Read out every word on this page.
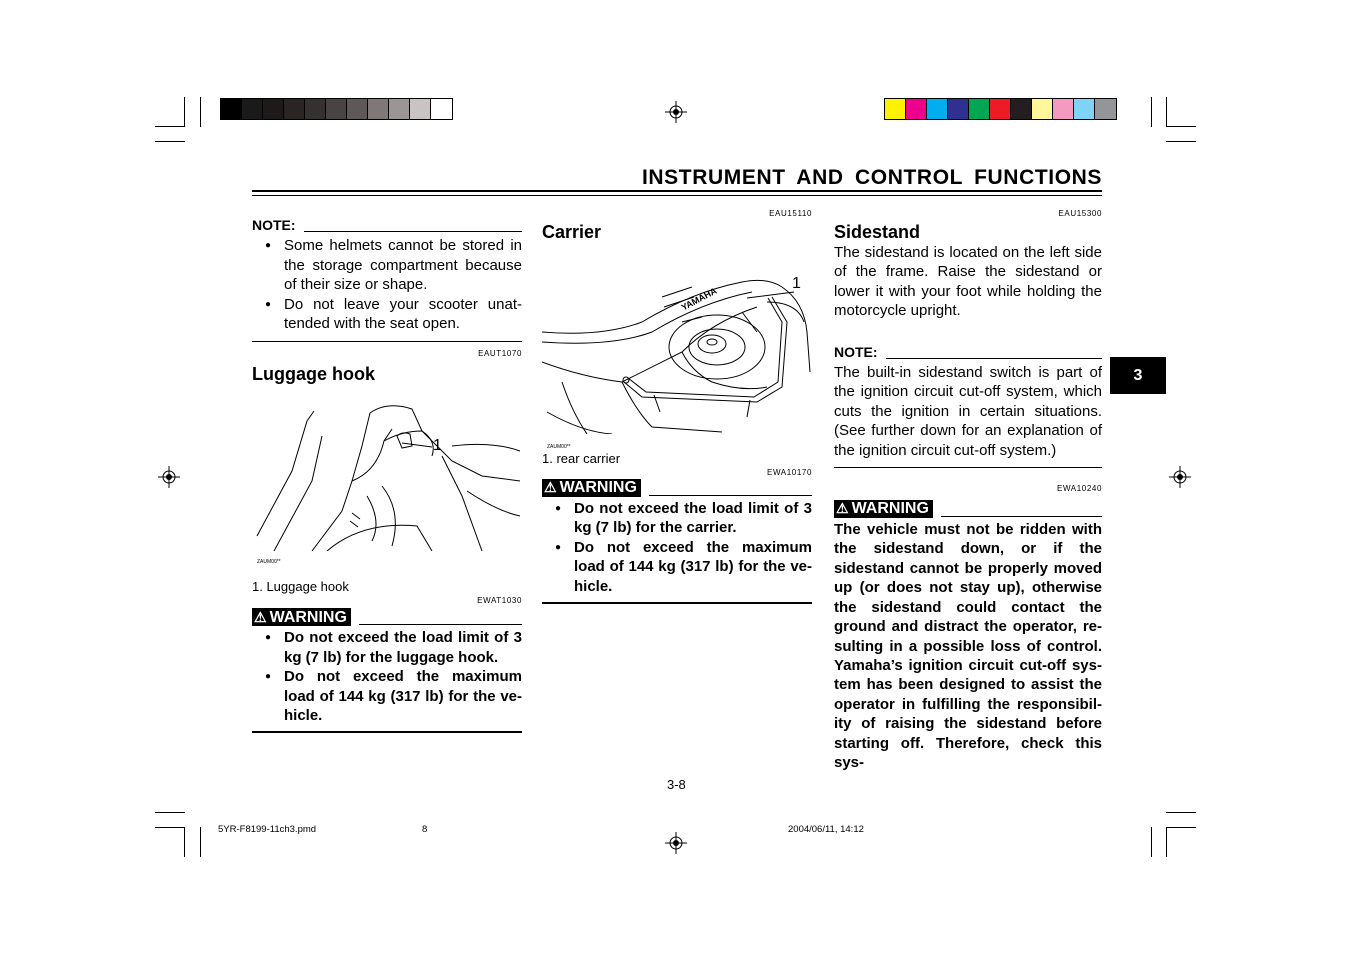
INSTRUMENT AND CONTROL FUNCTIONS
3
NOTE:
● Some helmets cannot be stored in the storage compartment because of their size or shape.
● Do not leave your scooter unat-tended with the seat open.
EAUT1070
Luggage hook
1
ZAUM00**
1. Luggage hook
EWAT1030
⚠ WARNING
● Do not exceed the load limit of 3 kg (7 lb) for the luggage hook.
● Do not exceed the maximum load of 144 kg (317 lb) for the ve-hicle.
EAU15110
Carrier
YAMAHA
1
ZAUM00**
1. rear carrier
EWA10170
⚠ WARNING
● Do not exceed the load limit of 3 kg (7 lb) for the carrier.
● Do not exceed the maximum load of 144 kg (317 lb) for the ve-hicle.
EAU15300
Sidestand

The sidestand is located on the left side of the frame. Raise the sidestand or lower it with your foot while holding the motorcycle upright.

NOTE:

The built-in sidestand switch is part of the ignition circuit cut-off system, which cuts the ignition in certain situations. (See further down for an explanation of the ignition circuit cut-off system.)

EWA10240
⚠ WARNING

The vehicle must not be ridden with the sidestand down, or if the sidestand cannot be properly moved up (or does not stay up), otherwise the sidestand could contact the ground and distract the operator, re-sulting in a possible loss of control. Yamaha’s ignition circuit cut-off sys-tem has been designed to assist the operator in fulfilling the responsibil-ity of raising the sidestand before starting off. Therefore, check this sys-

3-8
5YR-F8199-11ch3.pmd	8	2004/06/11, 14:12
